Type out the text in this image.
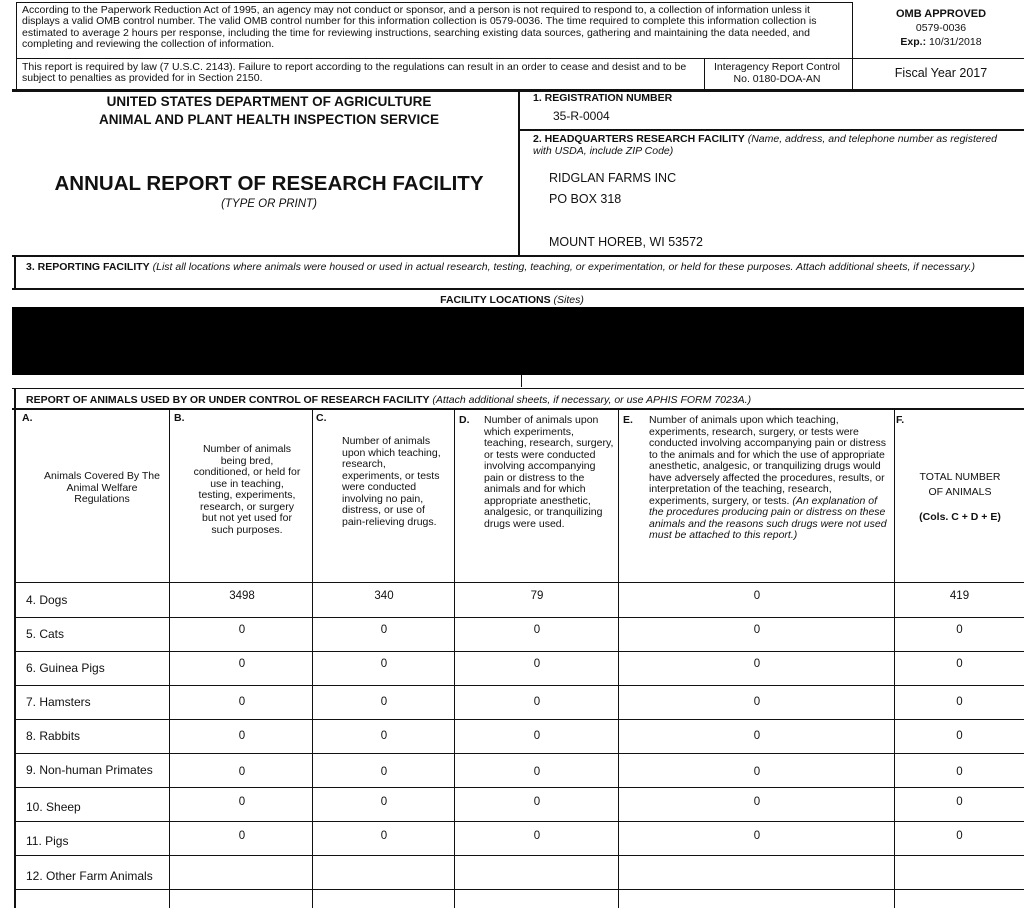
According to the Paperwork Reduction Act of 1995, an agency may not conduct or sponsor, and a person is not required to respond to, a collection of information unless it displays a valid OMB control number. The valid OMB control number for this information collection is 0579-0036. The time required to complete this information collection is estimated to average 2 hours per response, including the time for reviewing instructions, searching existing data sources, gathering and maintaining the data needed, and completing and reviewing the collection of information.
OMB APPROVED
0579-0036
Exp.: 10/31/2018
This report is required by law (7 U.S.C. 2143). Failure to report according to the regulations can result in an order to cease and desist and to be subject to penalties as provided for in Section 2150.
Interagency Report Control
No. 0180-DOA-AN	Fiscal Year 2017
UNITED STATES DEPARTMENT OF AGRICULTURE
ANIMAL AND PLANT HEALTH INSPECTION SERVICE
ANNUAL REPORT OF RESEARCH FACILITY
(TYPE OR PRINT)
1. REGISTRATION NUMBER
35-R-0004
2. HEADQUARTERS RESEARCH FACILITY (Name, address, and telephone number as registered with USDA, include ZIP Code)
RIDGLAN FARMS INC
PO BOX 318
MOUNT HOREB, WI 53572
3. REPORTING FACILITY (List all locations where animals were housed or used in actual research, testing, teaching, or experimentation, or held for these purposes. Attach additional sheets, if necessary.)
FACILITY LOCATIONS (Sites)
REPORT OF ANIMALS USED BY OR UNDER CONTROL OF RESEARCH FACILITY (Attach additional sheets, if necessary, or use APHIS FORM 7023A.)
A.
Animals Covered By The Animal Welfare Regulations
B.
Number of animals being bred, conditioned, or held for use in teaching, testing, experiments, research, or surgery but not yet used for such purposes.
C.
Number of animals upon which teaching, research, experiments, or tests were conducted involving no pain, distress, or use of pain-relieving drugs.
D. Number of animals upon which experiments, teaching, research, surgery, or tests were conducted involving accompanying pain or distress to the animals and for which appropriate anesthetic, analgesic, or tranquilizing drugs were used.
E. Number of animals upon which teaching, experiments, research, surgery, or tests were conducted involving accompanying pain or distress to the animals and for which the use of appropriate anesthetic, analgesic, or tranquilizing drugs would have adversely affected the procedures, results, or interpretation of the teaching, research, experiments, surgery, or tests. (An explanation of the procedures producing pain or distress on these animals and the reasons such drugs were not used must be attached to this report.)
F.
TOTAL NUMBER
OF ANIMALS
(Cols. C + D + E)
4. Dogs	3498	340	79	0	419
5. Cats	0	0	0	0	0
6. Guinea Pigs	0	0	0	0	0
7. Hamsters	0	0	0	0	0
8. Rabbits	0	0	0	0	0
9. Non-human Primates	0	0	0	0	0
10. Sheep	0	0	0	0	0
11. Pigs	0	0	0	0	0
12. Other Farm Animals
